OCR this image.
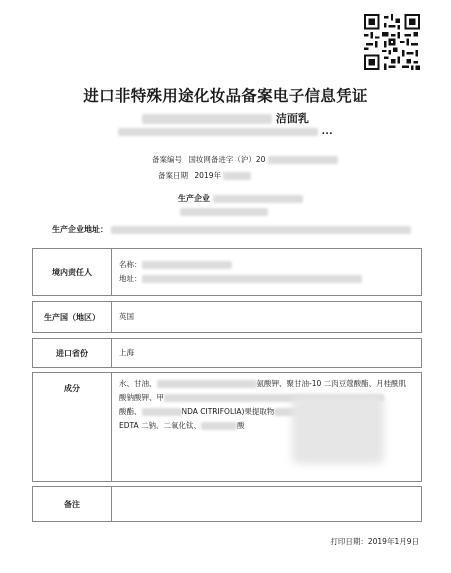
进口非特殊用途化妆品备案电子信息凭证
洁面乳
...
备案编号 国妆网备进字（沪）20
备案日期 2019年
生产企业
生产企业地址：
境内责任人
名称：
地址：
生产国（地区）	英国
进口省份	上海
成分
水、甘油、	氨酸钾、聚甘油-10 二肉豆蔻酸酯、月桂酰肌
酸钠酸钾、甲
酸酯、	NDA CITRIFOLIA)果提取物
EDTA 二钠、二氧化钛、	酸
备注
打印日期：2019年1月9日
